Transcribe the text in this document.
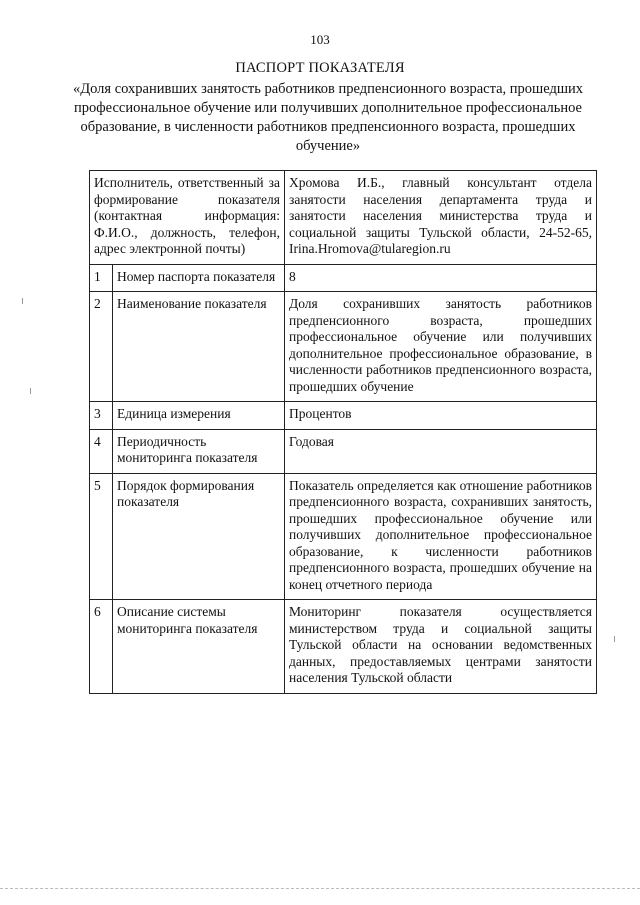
103
ПАСПОРТ ПОКАЗАТЕЛЯ
«Доля сохранивших занятость работников предпенсионного возраста, прошедших профессиональное обучение или получивших дополнительное профессиональное образование, в численности работников предпенсионного возраста, прошедших обучение»
Исполнитель, ответственный за формирование показателя (контактная информация: Ф.И.О., должность, телефон, адрес электронной почты)		Хромова И.Б., главный консультант отдела занятости населения департамента труда и занятости населения министерства труда и социальной защиты Тульской области, 24-52-65, Irina.Hromova@tularegion.ru
1	Номер паспорта показателя	8
2	Наименование показателя	Доля сохранивших занятость работников предпенсионного возраста, прошедших профессиональное обучение или получивших дополнительное профессиональное образование, в численности работников предпенсионного возраста, прошедших обучение
3	Единица измерения	Процентов
4	Периодичность мониторинга показателя	Годовая
5	Порядок формирования показателя	Показатель определяется как отношение работников предпенсионного возраста, сохранивших занятость, прошедших профессиональное обучение или получивших дополнительное профессиональное образование, к численности работников предпенсионного возраста, прошедших обучение на конец отчетного периода
6	Описание системы мониторинга показателя	Мониторинг показателя осуществляется министерством труда и социальной защиты Тульской области на основании ведомственных данных, предоставляемых центрами занятости населения Тульской области
